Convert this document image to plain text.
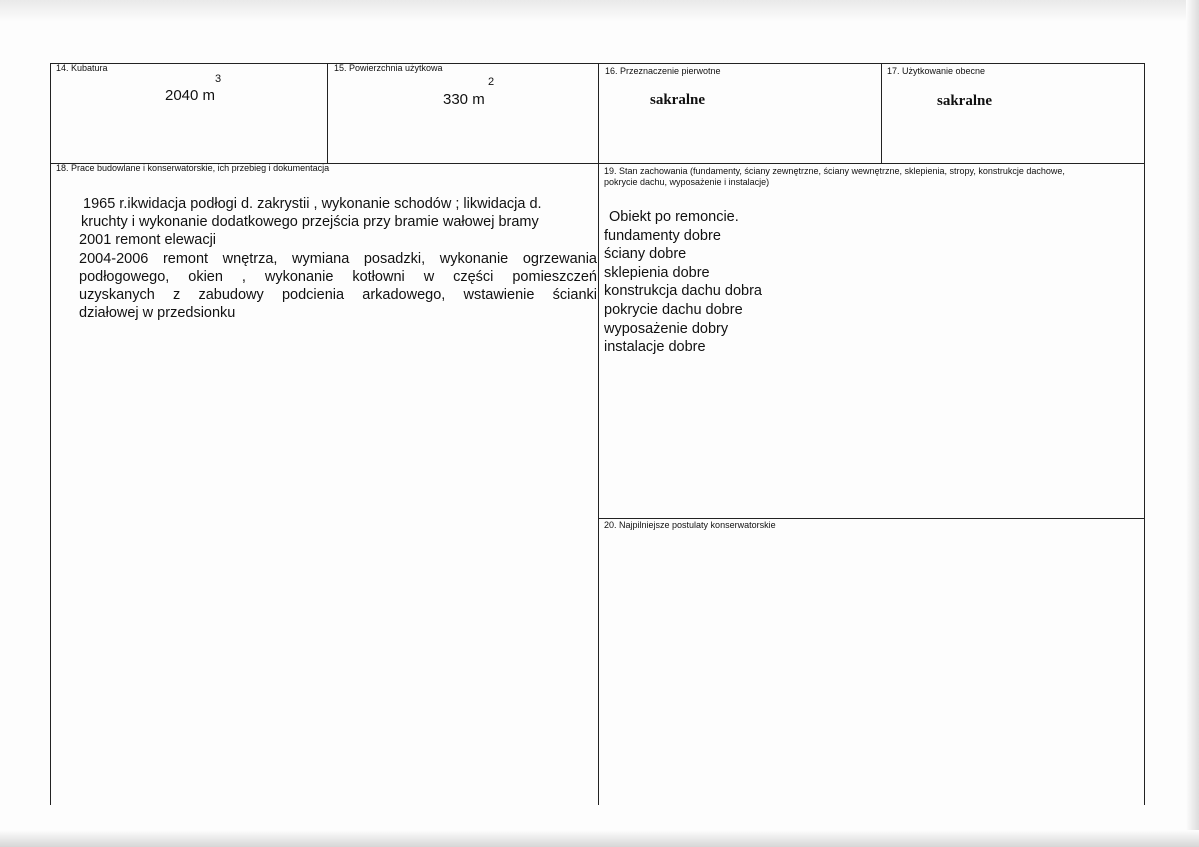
14. Kubatura
2040 m
3
15. Powierzchnia użytkowa
330 m
2
16. Przeznaczenie pierwotne
sakralne
17. Użytkowanie obecne
sakralne
18. Prace budowlane i konserwatorskie, ich przebieg i dokumentacja
1965 r.ikwidacja podłogi d. zakrystii , wykonanie schodów ; likwidacja d.
kruchty i wykonanie dodatkowego przejścia przy bramie wałowej bramy
2001 remont elewacji
2004-2006 remont wnętrza, wymiana posadzki, wykonanie ogrzewania
podłogowego, okien , wykonanie kotłowni w części pomieszczeń
uzyskanych z zabudowy podcienia arkadowego, wstawienie ścianki
działowej w przedsionku
19. Stan zachowania (fundamenty, ściany zewnętrzne, ściany wewnętrzne, sklepienia, stropy, konstrukcje dachowe, pokrycie dachu, wyposażenie i instalacje)
Obiekt po remoncie.
fundamenty dobre
ściany dobre
sklepienia dobre
konstrukcja dachu dobra
pokrycie dachu dobre
wyposażenie dobry
instalacje dobre
20. Najpilniejsze postulaty konserwatorskie
